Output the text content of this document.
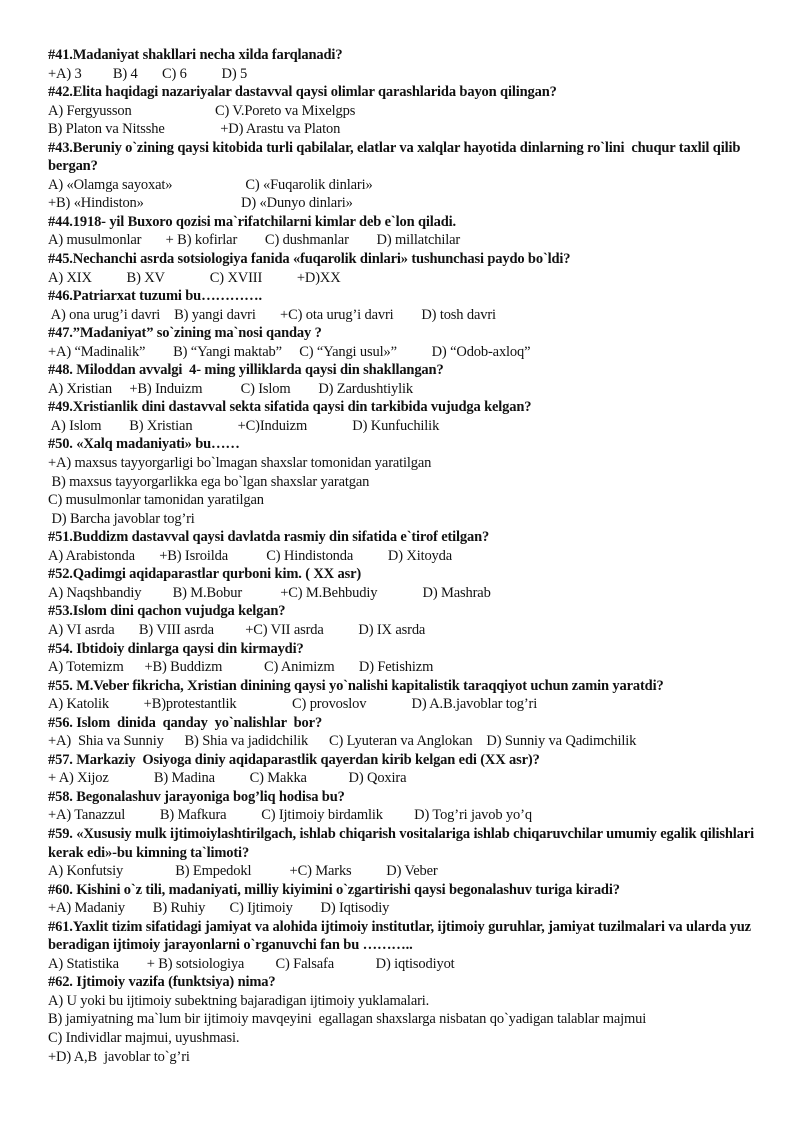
#41.Madaniyat shakllari necha xilda farqlanadi?
+A) 3         B) 4       C) 6          D) 5
#42.Elita haqidagi nazariyalar dastavval qaysi olimlar qarashlarida bayon qilingan?
A) Fergyusson                        C) V.Poreto va Mixelgps
B) Platon va Nitsshe                +D) Arastu va Platon
#43.Beruniy o`zining qaysi kitobida turli qabilalar, elatlar va xalqlar hayotida dinlarning ro`lini  chuqur taxlil qilib bergan?
A) «Olamga sayoxat»                     C) «Fuqarolik dinlari»
+B) «Hindiston»                            D) «Dunyo dinlari»
#44.1918- yil Buxoro qozisi ma`rifatchilarni kimlar deb e`lon qiladi.
A) musulmonlar       + B) kofirlar        C) dushmanlar        D) millatchilar
#45.Nechanchi asrda sotsiologiya fanida «fuqarolik dinlari» tushunchasi paydo bo`ldi?
A) XIX          B) XV             C) XVIII          +D)XX
#46.Patriarxat tuzumi bu………….
A) ona urug’i davri    B) yangi davri       +C) ota urug’i davri        D) tosh davri
#47.”Madaniyat” so`zining ma`nosi qanday ?
+A) “Madinalik”        B) “Yangi maktab”     C) “Yangi usul»”          D) “Odob-axloq”
#48. Miloddan avvalgi  4- ming yilliklarda qaysi din shakllangan?
A) Xristian     +B) Induizm           C) Islom        D) Zardushtiylik
#49.Xristianlik dini dastavval sekta sifatida qaysi din tarkibida vujudga kelgan?
A) Islom        B) Xristian             +C)Induizm             D) Kunfuchilik
#50. «Xalq madaniyati» bu……
+A) maxsus tayyorgarligi bo`lmagan shaxslar tomonidan yaratilgan
B) maxsus tayyorgarlikka ega bo`lgan shaxslar yaratgan
C) musulmonlar tamonidan yaratilgan
D) Barcha javoblar tog’ri
#51.Buddizm dastavval qaysi davlatda rasmiy din sifatida e`tirof etilgan?
A) Arabistonda       +B) Isroilda           C) Hindistonda          D) Xitoyda
#52.Qadimgi aqidaparastlar qurboni kim. ( XX asr)
A) Naqshbandiy         B) M.Bobur           +C) M.Behbudiy             D) Mashrab
#53.Islom dini qachon vujudga kelgan?
A) VI asrda       B) VIII asrda         +C) VII asrda          D) IX asrda
#54. Ibtidoiy dinlarga qaysi din kirmaydi?
A) Totemizm      +B) Buddizm            C) Animizm       D) Fetishizm
#55. M.Veber fikricha, Xristian dinining qaysi yo`nalishi kapitalistik taraqqiyot uchun zamin yaratdi?
A) Katolik          +B)protestantlik                C) provoslov             D) A.B.javoblar tog’ri
#56. Islom  dinida  qanday  yo`nalishlar  bor?
+A)  Shia va Sunniy      B) Shia va jadidchilik      C) Lyuteran va Anglokan    D) Sunniy va Qadimchilik
#57. Markaziy  Osiyoga diniy aqidaparastlik qayerdan kirib kelgan edi (XX asr)?
+ A) Xijoz             B) Madina          C) Makka            D) Qoxira
#58. Begonalashuv jarayoniga bog’liq hodisa bu?
+A) Tanazzul          B) Mafkura          C) Ijtimoiy birdamlik         D) Tog’ri javob yo’q
#59. «Xususiy mulk ijtimoiylashtirilgach, ishlab chiqarish vositalariga ishlab chiqaruvchilar umumiy egalik qilishlari kerak edi»-bu kimning ta`limoti?
A) Konfutsiy               B) Empedokl           +C) Marks          D) Veber
#60. Kishini o`z tili, madaniyati, milliy kiyimini o`zgartirishi qaysi begonalashuv turiga kiradi?
+A) Madaniy        B) Ruhiy       C) Ijtimoiy        D) Iqtisodiy
#61.Yaxlit tizim sifatidagi jamiyat va alohida ijtimoiy institutlar, ijtimoiy guruhlar, jamiyat tuzilmalari va ularda yuz beradigan ijtimoiy jarayonlarni o`rganuvchi fan bu ………..
A) Statistika        + B) sotsiologiya         C) Falsafa            D) iqtisodiyot
#62. Ijtimoiy vazifa (funktsiya) nima?
A) U yoki bu ijtimoiy subektning bajaradigan ijtimoiy yuklamalari.
B) jamiyatning ma`lum bir ijtimoiy mavqeyini  egallagan shaxslarga nisbatan qo`yadigan talablar majmui
C) Individlar majmui, uyushmasi.
+D) A,B  javoblar to`g’ri
